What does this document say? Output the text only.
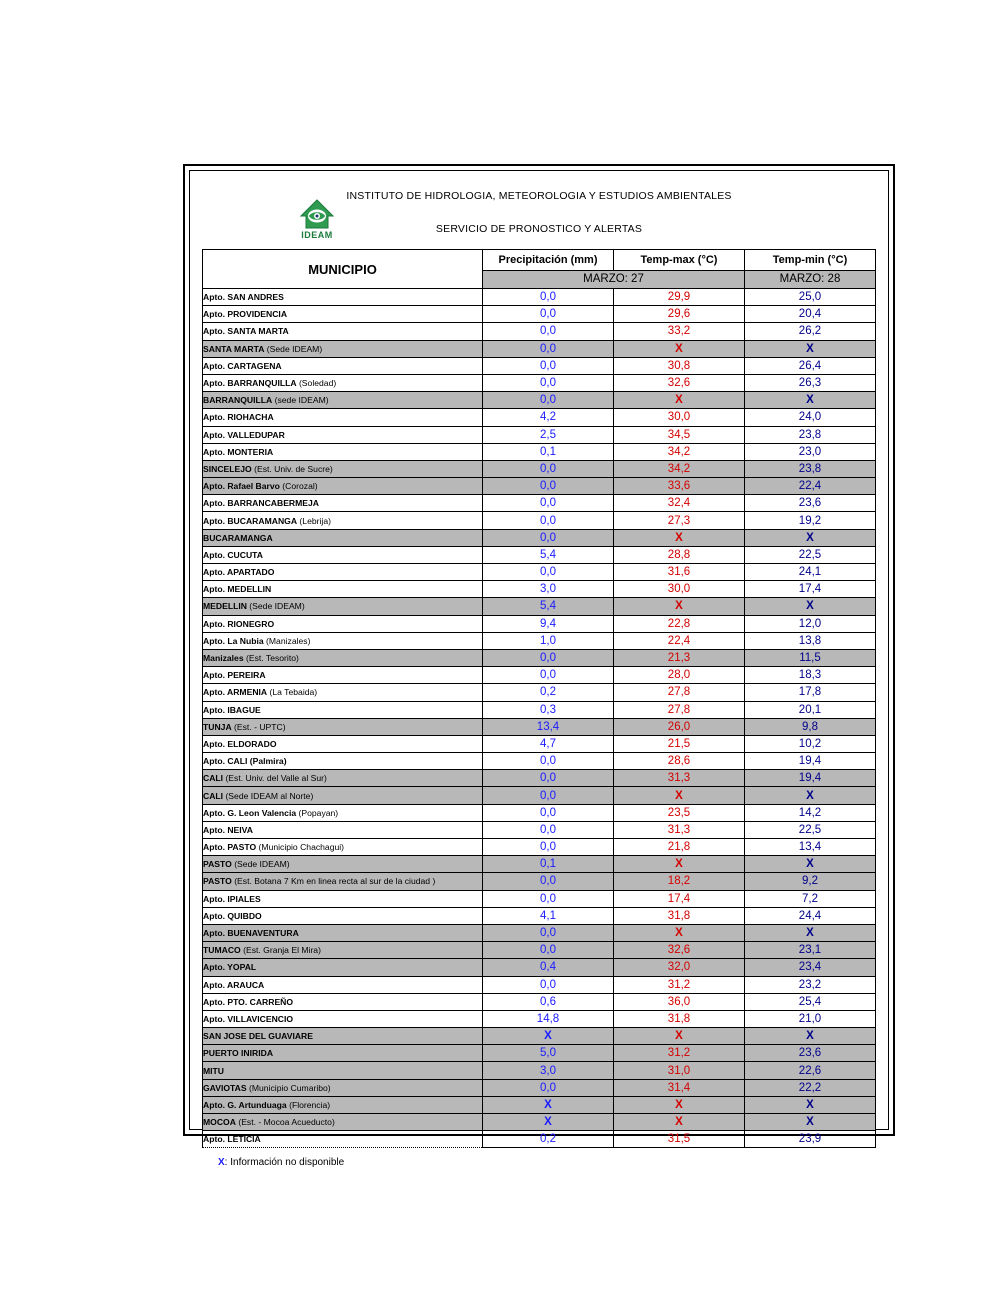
IDEAM
INSTITUTO DE HIDROLOGIA, METEOROLOGIA Y ESTUDIOS AMBIENTALES
SERVICIO DE PRONOSTICO Y ALERTAS
MUNICIPIO	Precipitación (mm)	Temp-max (°C)	Temp-min (°C)
	MARZO: 27		MARZO: 28
Apto. SAN ANDRES	0,0	29,9	25,0
Apto. PROVIDENCIA	0,0	29,6	20,4
Apto. SANTA MARTA	0,0	33,2	26,2
SANTA MARTA (Sede IDEAM)	0,0	X	X
Apto. CARTAGENA	0,0	30,8	26,4
Apto. BARRANQUILLA (Soledad)	0,0	32,6	26,3
BARRANQUILLA (sede IDEAM)	0,0	X	X
Apto. RIOHACHA	4,2	30,0	24,0
Apto. VALLEDUPAR	2,5	34,5	23,8
Apto. MONTERIA	0,1	34,2	23,0
SINCELEJO (Est. Univ. de Sucre)	0,0	34,2	23,8
Apto. Rafael Barvo (Corozal)	0,0	33,6	22,4
Apto. BARRANCABERMEJA	0,0	32,4	23,6
Apto. BUCARAMANGA (Lebrija)	0,0	27,3	19,2
BUCARAMANGA	0,0	X	X
Apto. CUCUTA	5,4	28,8	22,5
Apto. APARTADO	0,0	31,6	24,1
Apto. MEDELLIN	3,0	30,0	17,4
MEDELLIN (Sede IDEAM)	5,4	X	X
Apto. RIONEGRO	9,4	22,8	12,0
Apto. La Nubia (Manizales)	1,0	22,4	13,8
Manizales (Est. Tesorito)	0,0	21,3	11,5
Apto. PEREIRA	0,0	28,0	18,3
Apto. ARMENIA (La Tebaida)	0,2	27,8	17,8
Apto. IBAGUE	0,3	27,8	20,1
TUNJA (Est. - UPTC)	13,4	26,0	9,8
Apto. ELDORADO	4,7	21,5	10,2
Apto. CALI (Palmira)	0,0	28,6	19,4
CALI (Est. Univ. del Valle al Sur)	0,0	31,3	19,4
CALI (Sede IDEAM al Norte)	0,0	X	X
Apto. G. Leon Valencia (Popayan)	0,0	23,5	14,2
Apto. NEIVA	0,0	31,3	22,5
Apto. PASTO (Municipio Chachagui)	0,0	21,8	13,4
PASTO (Sede IDEAM)	0,1	X	X
PASTO (Est. Botana 7 Km en linea recta al sur de la ciudad )	0,0	18,2	9,2
Apto. IPIALES	0,0	17,4	7,2
Apto. QUIBDO	4,1	31,8	24,4
Apto. BUENAVENTURA	0,0	X	X
TUMACO (Est. Granja El Mira)	0,0	32,6	23,1
Apto. YOPAL	0,4	32,0	23,4
Apto. ARAUCA	0,0	31,2	23,2
Apto. PTO. CARREÑO	0,6	36,0	25,4
Apto. VILLAVICENCIO	14,8	31,8	21,0
SAN JOSE DEL GUAVIARE	X	X	X
PUERTO INIRIDA	5,0	31,2	23,6
MITU	3,0	31,0	22,6
GAVIOTAS (Municipio Cumaribo)	0,0	31,4	22,2
Apto. G. Artunduaga (Florencia)	X	X	X
MOCOA (Est. - Mocoa Acueducto)	X	X	X
Apto. LETICIA	0,2	31,5	23,9
X: Información no disponible
